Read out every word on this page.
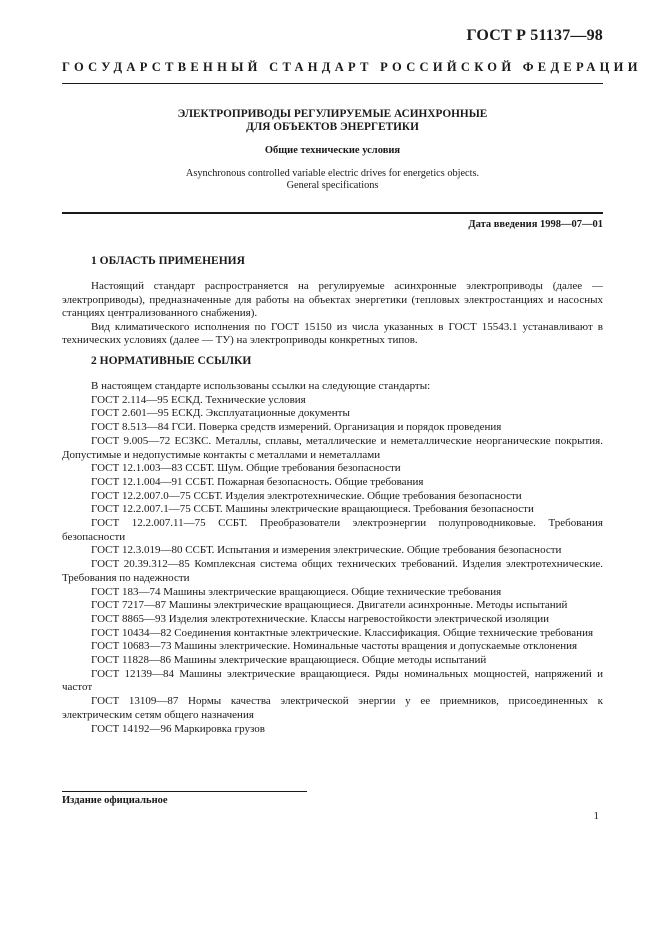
ГОСТ Р 51137—98
ГОСУДАРСТВЕННЫЙ СТАНДАРТ РОССИЙСКОЙ ФЕДЕРАЦИИ
ЭЛЕКТРОПРИВОДЫ РЕГУЛИРУЕМЫЕ АСИНХРОННЫЕ
ДЛЯ ОБЪЕКТОВ ЭНЕРГЕТИКИ
Общие технические условия
Asynchronous controlled variable electric drives for energetics objects.
General specifications
Дата введения 1998—07—01
1 ОБЛАСТЬ ПРИМЕНЕНИЯ

Настоящий стандарт распространяется на регулируемые асинхронные электроприводы (далее — электроприводы), предназначенные для работы на объектах энергетики (тепловых электростанциях и насосных станциях централизованного снабжения).

Вид климатического исполнения по ГОСТ 15150 из числа указанных в ГОСТ 15543.1 устанавливают в технических условиях (далее — ТУ) на электроприводы конкретных типов.

2 НОРМАТИВНЫЕ ССЫЛКИ

В настоящем стандарте использованы ссылки на следующие стандарты:

ГОСТ 2.114—95 ЕСКД. Технические условия

ГОСТ 2.601—95 ЕСКД. Эксплуатационные документы

ГОСТ 8.513—84 ГСИ. Поверка средств измерений. Организация и порядок проведения

ГОСТ 9.005—72 ЕСЗКС. Металлы, сплавы, металлические и неметаллические неорганические покрытия. Допустимые и недопустимые контакты с металлами и неметаллами

ГОСТ 12.1.003—83 ССБТ. Шум. Общие требования безопасности

ГОСТ 12.1.004—91 ССБТ. Пожарная безопасность. Общие требования

ГОСТ 12.2.007.0—75 ССБТ. Изделия электротехнические. Общие требования безопасности

ГОСТ 12.2.007.1—75 ССБТ. Машины электрические вращающиеся. Требования безопасности

ГОСТ 12.2.007.11—75 ССБТ. Преобразователи электроэнергии полупроводниковые. Требования безопасности

ГОСТ 12.3.019—80 ССБТ. Испытания и измерения электрические. Общие требования безопасности

ГОСТ 20.39.312—85 Комплексная система общих технических требований. Изделия электротехнические. Требования по надежности

ГОСТ 183—74 Машины электрические вращающиеся. Общие технические требования

ГОСТ 7217—87 Машины электрические вращающиеся. Двигатели асинхронные. Методы испытаний

ГОСТ 8865—93 Изделия электротехнические. Классы нагревостойкости электрической изоляции

ГОСТ 10434—82 Соединения контактные электрические. Классификация. Общие технические требования

ГОСТ 10683—73 Машины электрические. Номинальные частоты вращения и допускаемые отклонения

ГОСТ 11828—86 Машины электрические вращающиеся. Общие методы испытаний

ГОСТ 12139—84 Машины электрические вращающиеся. Ряды номинальных мощностей, напряжений и частот

ГОСТ 13109—87 Нормы качества электрической энергии у ее приемников, присоединенных к электрическим сетям общего назначения

ГОСТ 14192—96 Маркировка грузов

Издание официальное
1
